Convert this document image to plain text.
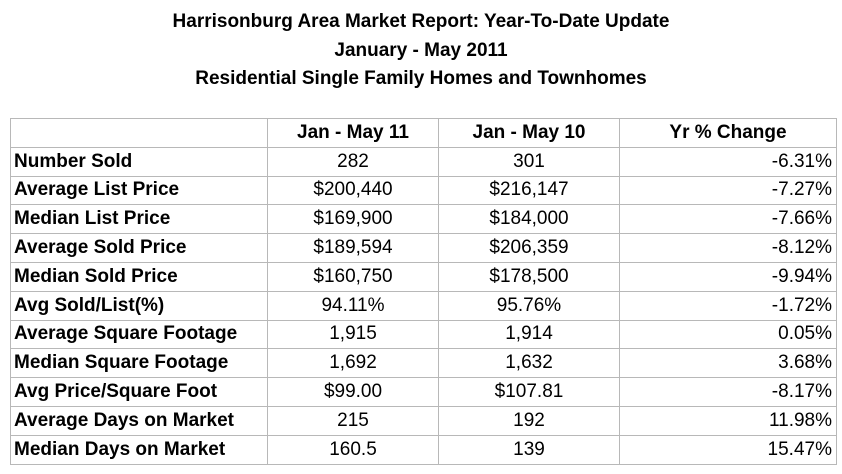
Harrisonburg Area Market Report: Year-To-Date Update

January - May 2011

Residential Single Family Homes and Townhomes

	Jan - May 11	Jan - May 10	Yr % Change
Number Sold	282	301	-6.31%
Average List Price	$200,440	$216,147	-7.27%
Median List Price	$169,900	$184,000	-7.66%
Average Sold Price	$189,594	$206,359	-8.12%
Median Sold Price	$160,750	$178,500	-9.94%
Avg Sold/List(%)	94.11%	95.76%	-1.72%
Average Square Footage	1,915	1,914	0.05%
Median Square Footage	1,692	1,632	3.68%
Avg Price/Square Foot	$99.00	$107.81	-8.17%
Average Days on Market	215	192	11.98%
Median Days on Market	160.5	139	15.47%
